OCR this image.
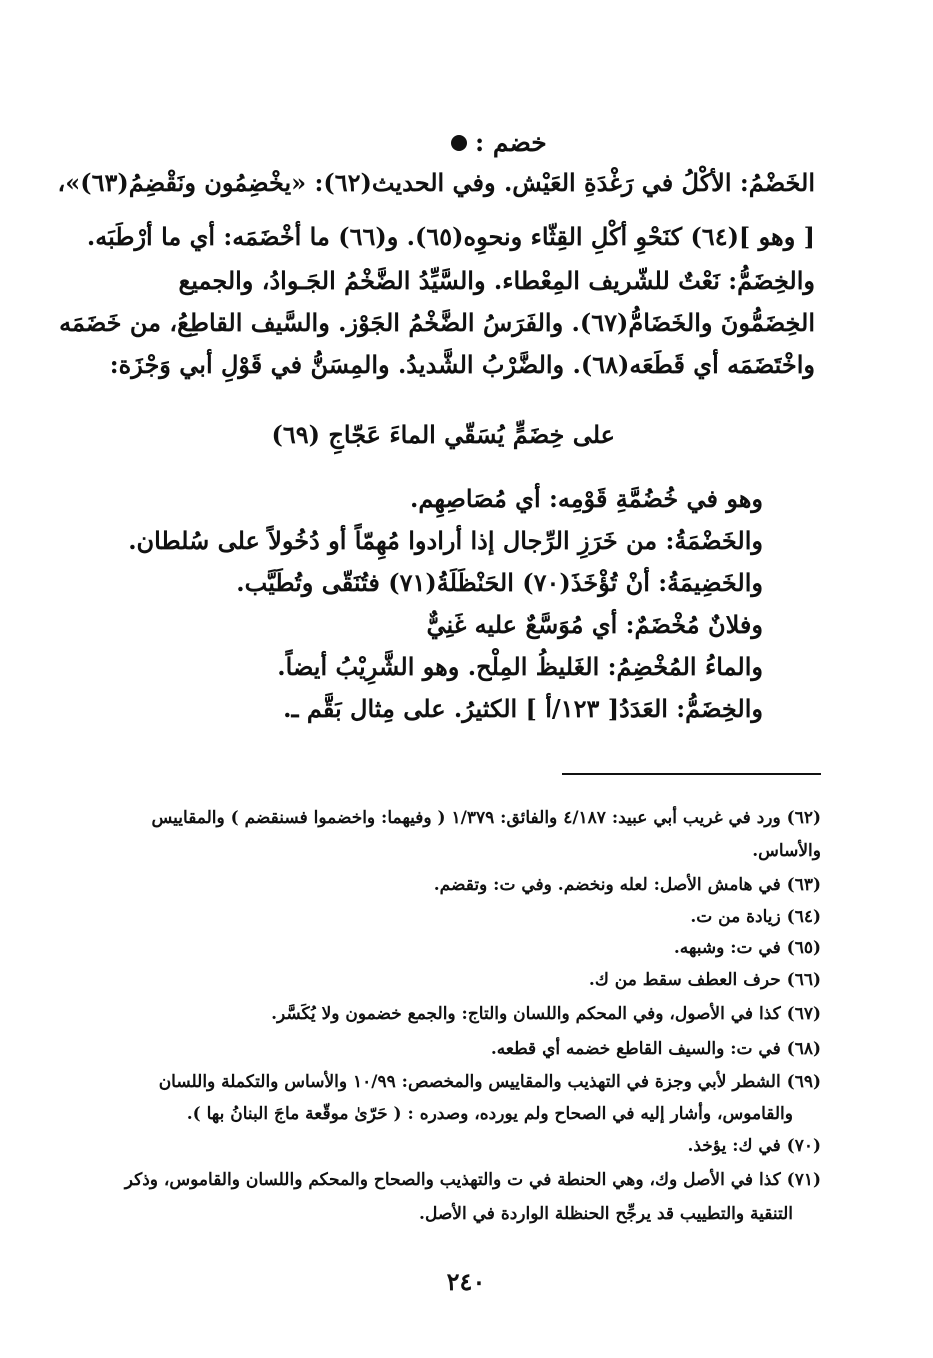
خضم :
الخَضْمُ: الأكْلُ في رَغْدَةِ العَيْش. وفي الحديث(٦٢): «يخْضِمُون ونَقْضِمُ(٦٣)»،
[ وهو ](٦٤) كنَحْوِ أكْلِ القِثّاء ونحوِه(٦٥). و(٦٦) ما أخْضَمَه: أي ما أرْطَبَه.
والخِضَمُّ: نَعْتٌ للشّريف المِعْطاء. والسَّيِّدُ الضَّخْمُ الجَـوادُ، والجميع
الخِضَمُّونَ والخَضَامُّ(٦٧). والفَرَسُ الضَّخْمُ الجَوْز. والسَّيف القاطِعُ، من خَضَمَه
واخْتَضَمَه أي قَطَعَه(٦٨). والضَّرْبُ الشَّديدُ. والمِسَنُّ في قَوْلِ أبي وَجْزَة:
على خِضَمٍّ يُسَقّي الماءَ عَجّاجِ (٦٩)
وهو في خُضُمَّةِ قَوْمِه: أي مُصَاصِهِم.
والخَضْمَةُ: من خَرَزِ الرِّجال إذا أرادوا مُهِمّاً أو دُخُولاً على سُلطان.
والخَضِيمَةُ: أنْ تُؤْخَذَ(٧٠) الحَنْظَلَةُ(٧١) فتُنَقّى وتُطَيَّب.
وفلانٌ مُخْضَمٌ: أي مُوَسَّعٌ عليه غَنِيٌّ
والماءُ المُخْضِمُ: الغَليظُ المِلْح. وهو الشَّرِيْبُ أيضاً.
والخِضَمُّ: العَدَدُ[ ١٢٣/أ ] الكثيرُ. على مِثال بَقَّم ـ.
(٦٢) ورد في غريب أبي عبيد: ٤/١٨٧ والفائق: ١/٣٧٩ ( وفيهما: واخضموا فسنقضم ) والمقاييس
والأساس.
(٦٣) في هامش الأصل: لعله ونخضم. وفي ت: وتقضم.
(٦٤) زيادة من ت.
(٦٥) في ت: وشبهه.
(٦٦) حرف العطف سقط من ك.
(٦٧) كذا في الأصول، وفي المحكم واللسان والتاج: والجمع خضمون ولا يُكَسَّر.
(٦٨) في ت: والسيف القاطع خضمه أي قطعه.
(٦٩) الشطر لأبي وجزة في التهذيب والمقاييس والمخصص: ١٠/٩٩ والأساس والتكملة واللسان
والقاموس، وأشار إليه في الصحاح ولم يورده، وصدره : ( حَرّىٰ موقّعة ماجَ البنانُ بها ).
(٧٠) في ك: يؤخذ.
(٧١) كذا في الأصل وك، وهي الحنطة في ت والتهذيب والصحاح والمحكم واللسان والقاموس، وذكر
التنقية والتطييب قد يرجِّح الحنظلة الواردة في الأصل.
٢٤٠
